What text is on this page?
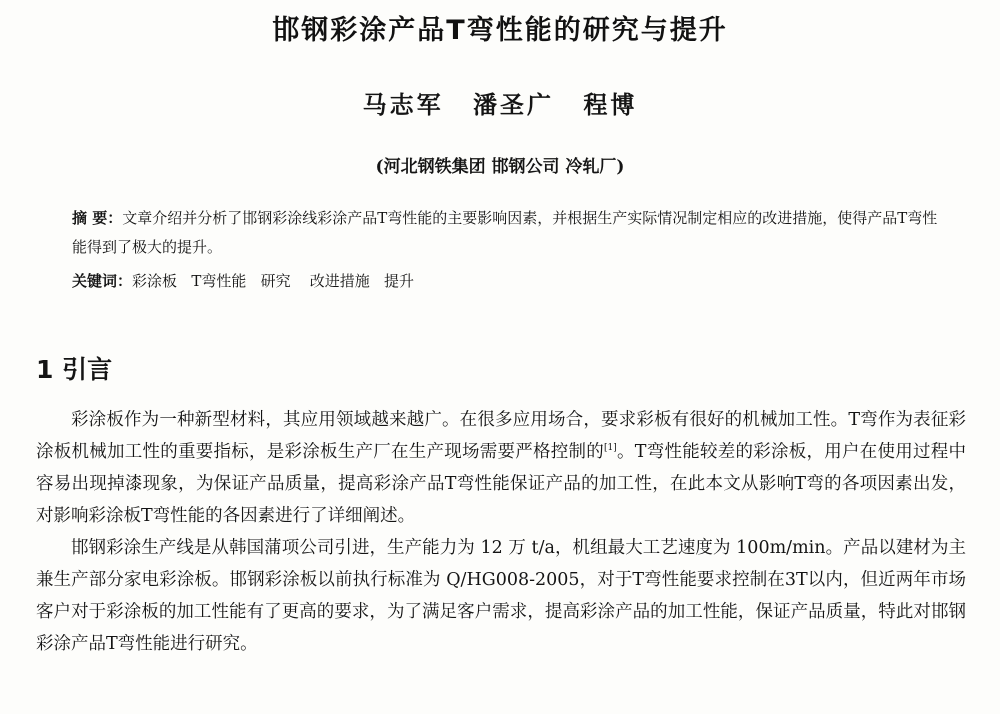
邯钢彩涂产品T弯性能的研究与提升
马志军 潘圣广 程博
(河北钢铁集团 邯钢公司 冷轧厂)
摘 要：文章介绍并分析了邯钢彩涂线彩涂产品T弯性能的主要影响因素，并根据生产实际情况制定相应的改进措施，使得产品T弯性能得到了极大的提升。
关键词：彩涂板   T弯性能   研究    改进措施   提升
1 引言

彩涂板作为一种新型材料，其应用领域越来越广。在很多应用场合，要求彩板有很好的机械加工性。T弯作为表征彩涂板机械加工性的重要指标，是彩涂板生产厂在生产现场需要严格控制的[1]。T弯性能较差的彩涂板，用户在使用过程中容易出现掉漆现象，为保证产品质量，提高彩涂产品T弯性能保证产品的加工性，在此本文从影响T弯的各项因素出发，对影响彩涂板T弯性能的各因素进行了详细阐述。

邯钢彩涂生产线是从韩国蒲项公司引进，生产能力为 12 万 t/a，机组最大工艺速度为 100m/min。产品以建材为主兼生产部分家电彩涂板。邯钢彩涂板以前执行标准为 Q/HG008-2005，对于T弯性能要求控制在3T以内，但近两年市场客户对于彩涂板的加工性能有了更高的要求，为了满足客户需求，提高彩涂产品的加工性能，保证产品质量，特此对邯钢彩涂产品T弯性能进行研究。
